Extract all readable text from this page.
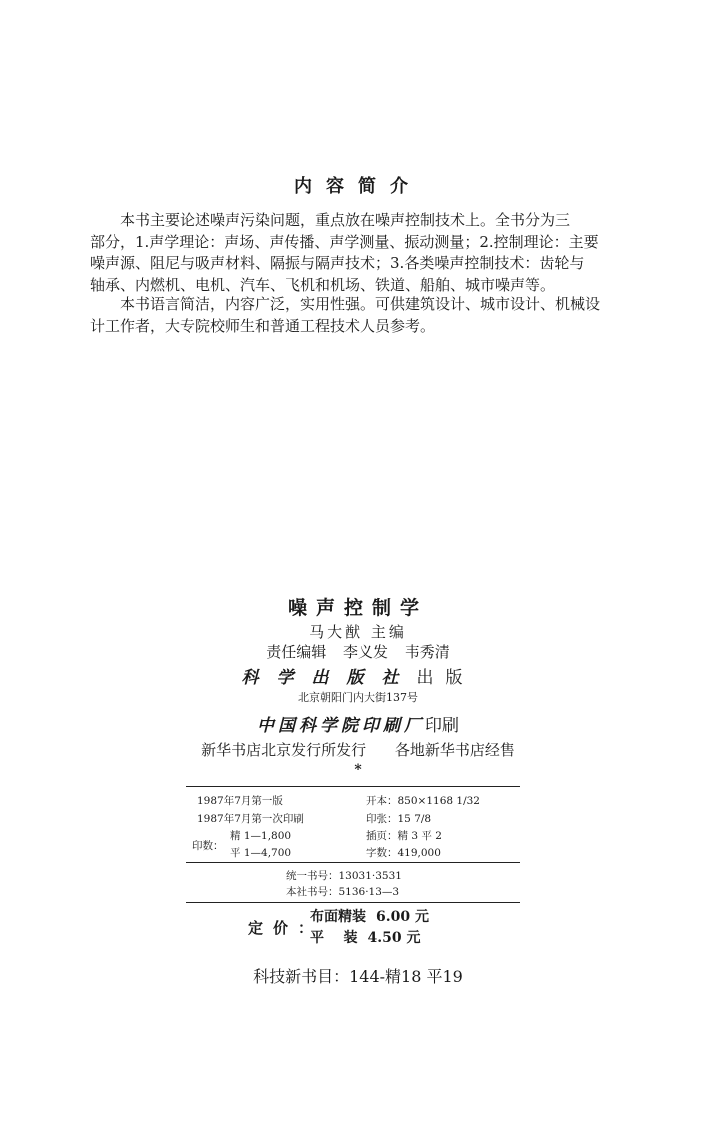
内容简介
本书主要论述噪声污染问题，重点放在噪声控制技术上。全书分为三
部分，1.声学理论：声场、声传播、声学测量、振动测量；2.控制理论：主要
噪声源、阻尼与吸声材料、隔振与隔声技术；3.各类噪声控制技术：齿轮与
轴承、内燃机、电机、汽车、飞机和机场、铁道、船舶、城市噪声等。
本书语言简洁，内容广泛，实用性强。可供建筑设计、城市设计、机械设
计工作者，大专院校师生和普通工程技术人员参考。
噪声控制学
马大猷 主编
责任编辑 李义发 韦秀清
科学出版社出版
北京朝阳门内大街137号
中国科学院印刷厂印刷
新华书店北京发行所发行 各地新华书店经售
*
1987年7月第一版
1987年7月第一次印刷
开本：850×1168 1/32
印张：15 7/8
插页：精 3 平 2
字数：419,000
印数：
精 1—1,800
平 1—4,700
统一书号：13031·3531
本社书号：5136·13—3
定价：
布面精装 6.00 元
平    装 4.50 元
科技新书目：144-精18 平19
